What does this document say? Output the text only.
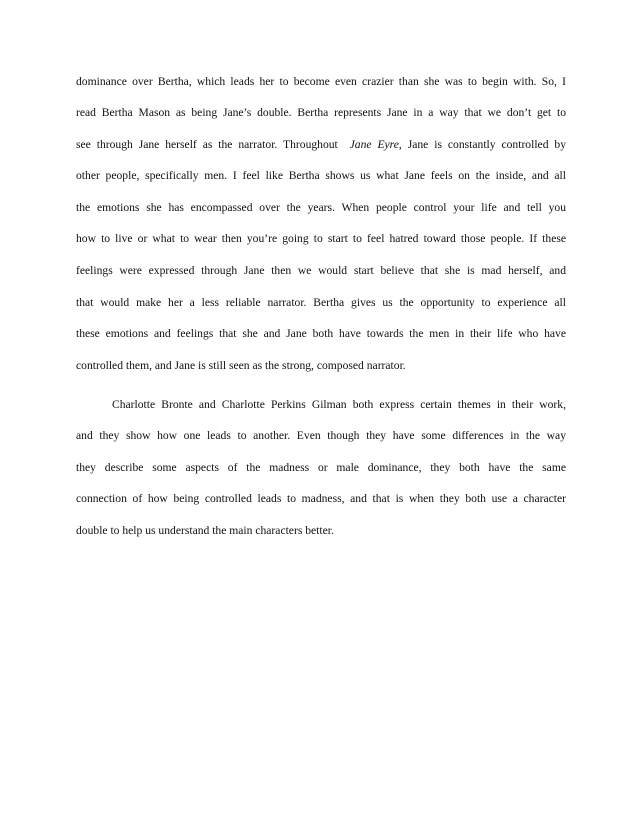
dominance over Bertha, which leads her to become even crazier than she was to begin with. So, I
read Bertha Mason as being Jane’s double. Bertha represents Jane in a way that we don’t get to
see through Jane herself as the narrator. Throughout Jane Eyre, Jane is constantly controlled by
other people, specifically men. I feel like Bertha shows us what Jane feels on the inside, and all
the emotions she has encompassed over the years. When people control your life and tell you
how to live or what to wear then you’re going to start to feel hatred toward those people. If these
feelings were expressed through Jane then we would start believe that she is mad herself, and
that would make her a less reliable narrator. Bertha gives us the opportunity to experience all
these emotions and feelings that she and Jane both have towards the men in their life who have
controlled them, and Jane is still seen as the strong, composed narrator.
Charlotte Bronte and Charlotte Perkins Gilman both express certain themes in their work,
and they show how one leads to another. Even though they have some differences in the way
they describe some aspects of the madness or male dominance, they both have the same
connection of how being controlled leads to madness, and that is when they both use a character
double to help us understand the main characters better.
